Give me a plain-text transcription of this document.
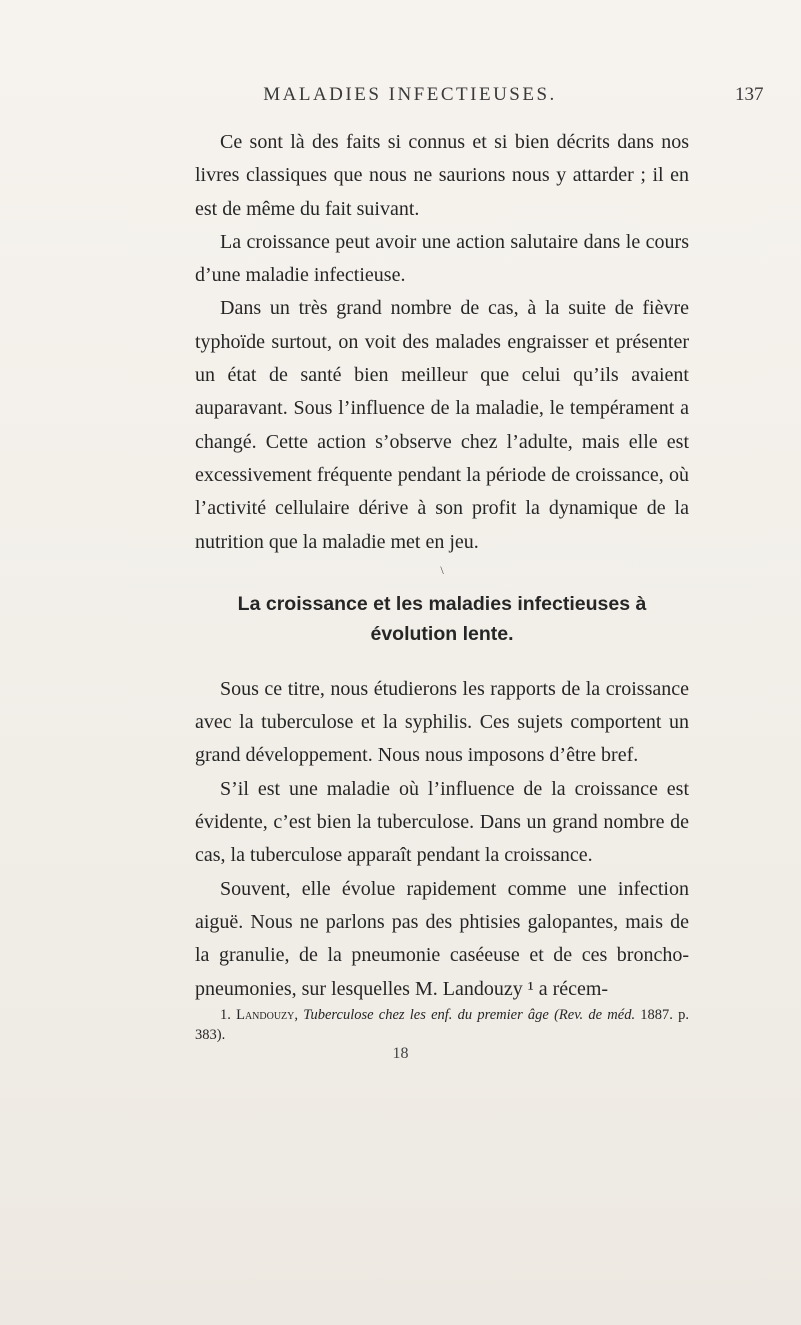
MALADIES INFECTIEUSES.	137

Ce sont là des faits si connus et si bien décrits dans nos livres classiques que nous ne saurions nous y attarder ; il en est de même du fait suivant.

La croissance peut avoir une action salutaire dans le cours d’une maladie infectieuse.

Dans un très grand nombre de cas, à la suite de fièvre typhoïde surtout, on voit des malades engraisser et présenter un état de santé bien meilleur que celui qu’ils avaient auparavant. Sous l’influence de la maladie, le tempérament a changé. Cette action s’observe chez l’adulte, mais elle est excessivement fréquente pendant la période de croissance, où l’activité cellulaire dérive à son profit la dynamique de la nutrition que la maladie met en jeu.

\
La croissance et les maladies infectieuses à évolution lente.

Sous ce titre, nous étudierons les rapports de la croissance avec la tuberculose et la syphilis. Ces sujets comportent un grand développement. Nous nous imposons d’être bref.

S’il est une maladie où l’influence de la croissance est évidente, c’est bien la tuberculose. Dans un grand nombre de cas, la tuberculose apparaît pendant la croissance.

Souvent, elle évolue rapidement comme une infection aiguë. Nous ne parlons pas des phtisies galopantes, mais de la granulie, de la pneumonie caséeuse et de ces broncho-pneumonies, sur lesquelles M. Landouzy ¹ a récem-

1. Landouzy, Tuberculose chez les enf. du premier âge (Rev. de méd. 1887. p. 383).
18
